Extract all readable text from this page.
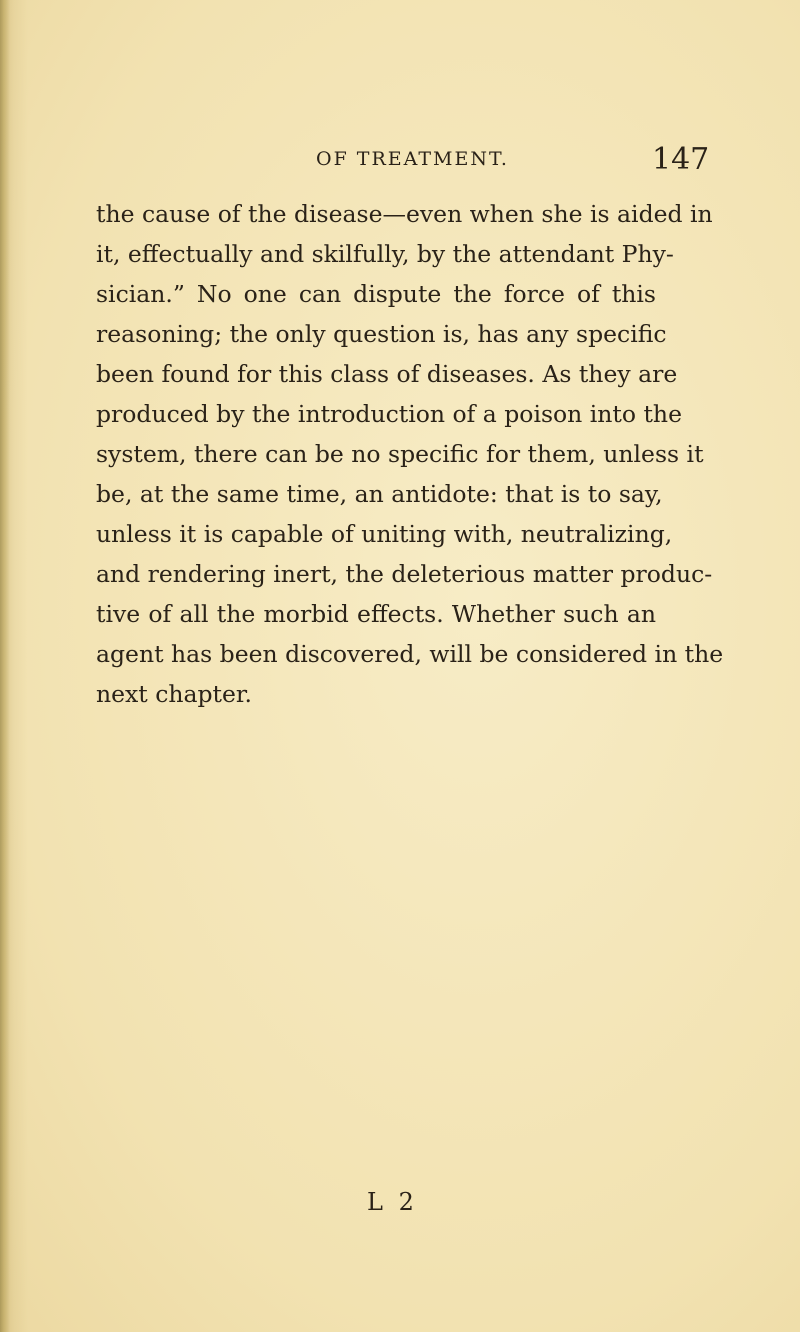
OF TREATMENT.	147
the cause of the disease—even when she is aided in
it, effectually and skilfully, by the attendant Phy-
sician.” No one can dispute the force of this
reasoning; the only question is, has any specific
been found for this class of diseases. As they are
produced by the introduction of a poison into the
system, there can be no specific for them, unless it
be, at the same time, an antidote: that is to say,
unless it is capable of uniting with, neutralizing,
and rendering inert, the deleterious matter produc-
tive of all the morbid effects. Whether such an
agent has been discovered, will be considered in the
next chapter.
L 2
